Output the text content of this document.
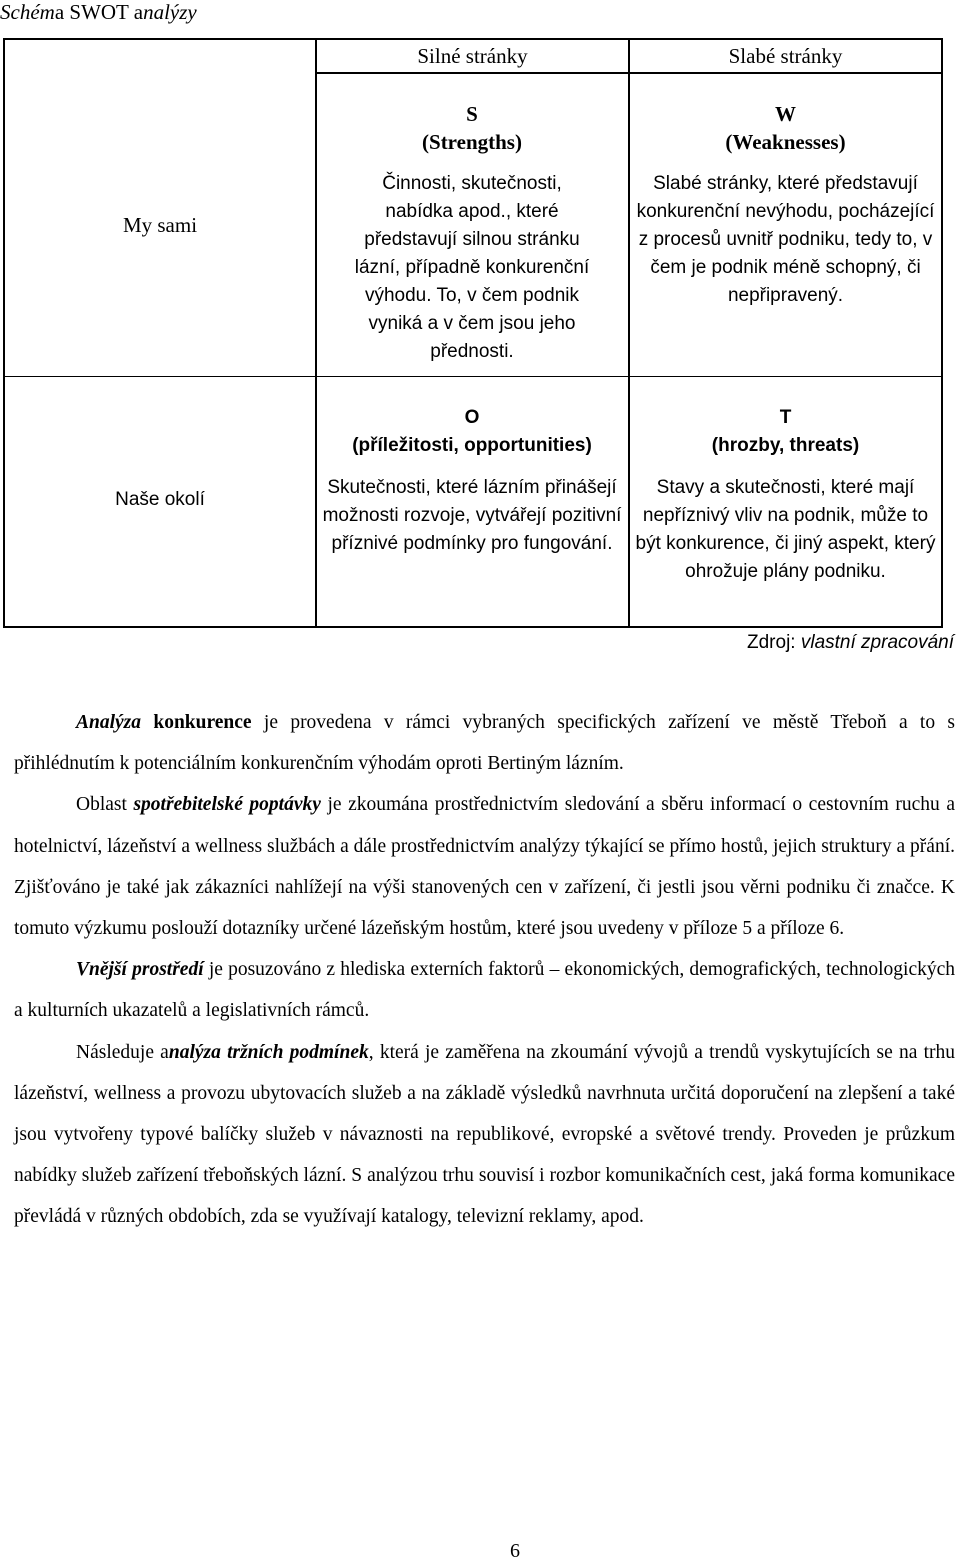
Schéma SWOT analýzy
Silné stránky	Slabé stránky
My sami
Naše okolí
S
(Strengths)
Činnosti, skutečnosti, nabídka apod., které představují silnou stránku lázní, případně konkurenční výhodu. To, v čem podnik vyniká a v čem jsou jeho přednosti.
W
(Weaknesses)
Slabé stránky, které představují konkurenční nevýhodu, pocházející z procesů uvnitř podniku, tedy to, v čem je podnik méně schopný, či nepřipravený.
O
(příležitosti, opportunities)
Skutečnosti, které lázním přinášejí možnosti rozvoje, vytvářejí pozitivní příznivé podmínky pro fungování.
T
(hrozby, threats)
Stavy a skutečnosti, které mají nepříznivý vliv na podnik, může to být konkurence, či jiný aspekt, který ohrožuje plány podniku.
Zdroj: vlastní zpracování

Analýza konkurence je provedena v rámci vybraných specifických zařízení ve městě Třeboň a to s přihlédnutím k potenciálním konkurenčním výhodám oproti Bertiným lázním.

Oblast spotřebitelské poptávky je zkoumána prostřednictvím sledování a sběru informací o cestovním ruchu a hotelnictví, lázeňství a wellness službách a dále prostřednictvím analýzy týkající se přímo hostů, jejich struktury a přání. Zjišťováno je také jak zákazníci nahlížejí na výši stanovených cen v zařízení, či jestli jsou věrni podniku či značce. K tomuto výzkumu poslouží dotazníky určené lázeňským hostům, které jsou uvedeny v příloze 5 a příloze 6.

Vnější prostředí je posuzováno z hlediska externích faktorů – ekonomických, demografických, technologických a kulturních ukazatelů a legislativních rámců.

Následuje analýza tržních podmínek, která je zaměřena na zkoumání vývojů a trendů vyskytujících se na trhu lázeňství, wellness a provozu ubytovacích služeb a na základě výsledků navrhnuta určitá doporučení na zlepšení a také jsou vytvořeny typové balíčky služeb v návaznosti na republikové, evropské a světové trendy. Proveden je průzkum nabídky služeb zařízení třeboňských lázní. S analýzou trhu souvisí i rozbor komunikačních cest, jaká forma komunikace převládá v různých obdobích, zda se využívají katalogy, televizní reklamy, apod.

6
